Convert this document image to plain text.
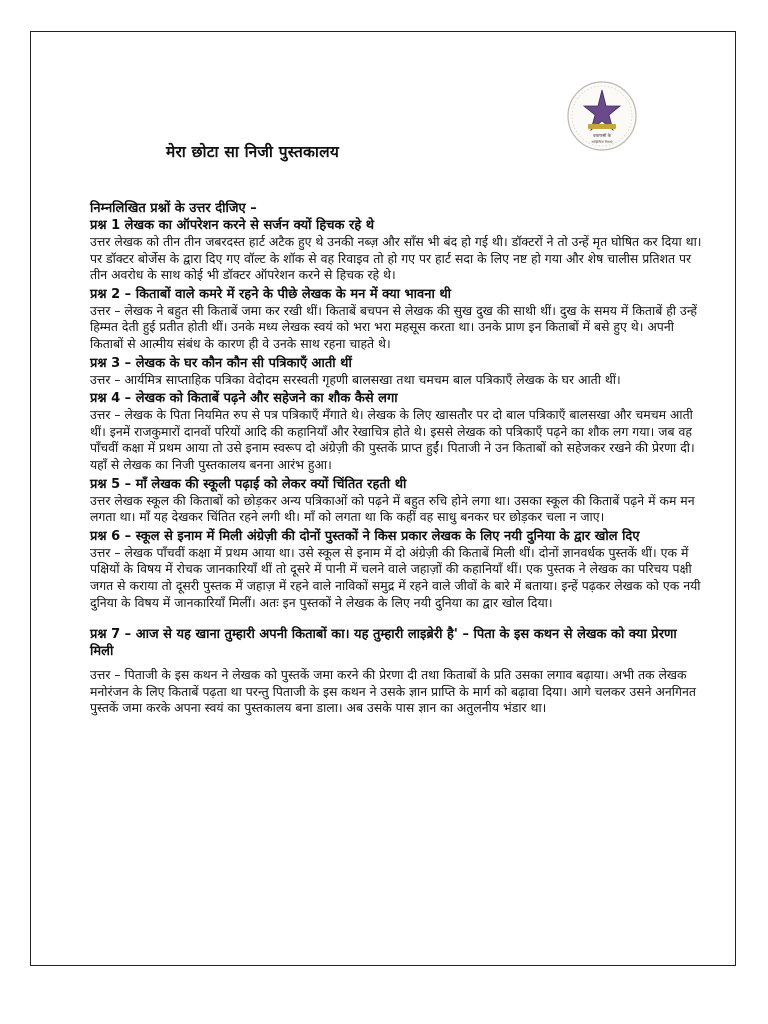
वाराणसी के
साहित्यिक विधाएं
मेरा छोटा सा निजी पुस्तकालय

निम्नलिखित प्रश्नों के उत्तर दीजिए –

प्रश्न 1 लेखक का ऑपरेशन करने से सर्जन क्यों हिचक रहे थे

उत्तर लेखक को तीन तीन जबरदस्त हार्ट अटैक हुए थे उनकी नब्ज़ और साँस भी बंद हो गई थी। डॉक्टरों ने तो उन्हें मृत घोषित कर दिया था। पर डॉक्टर बोर्जेस के द्वारा दिए गए वॉल्ट के शॉक से वह रिवाइव तो हो गए पर हार्ट सदा के लिए नष्ट हो गया और शेष चालीस प्रतिशत पर तीन अवरोध के साथ कोई भी डॉक्टर ऑपरेशन करने से हिचक रहे थे।

प्रश्न 2 – किताबों वाले कमरे में रहने के पीछे लेखक के मन में क्या भावना थी

उत्तर – लेखक ने बहुत सी किताबें जमा कर रखी थीं। किताबें बचपन से लेखक की सुख दुख की साथी थीं। दुख के समय में किताबें ही उन्हें हिम्मत देती हुई प्रतीत होती थीं। उनके मध्य लेखक स्वयं को भरा भरा महसूस करता था। उनके प्राण इन किताबों में बसे हुए थे। अपनी किताबों से आत्मीय संबंध के कारण ही वे उनके साथ रहना चाहते थे।

प्रश्न 3 – लेखक के घर कौन कौन सी पत्रिकाएँ आती थीं

उत्तर – आर्यमित्र साप्ताहिक पत्रिका वेदोदम सरस्वती गृहणी बालसखा तथा चमचम बाल पत्रिकाएँ लेखक के घर आती थीं।

प्रश्न 4 – लेखक को किताबें पढ़ने और सहेजने का शौक कैसे लगा

उत्तर – लेखक के पिता नियमित रुप से पत्र पत्रिकाएँ मँगाते थे। लेखक के लिए खासतौर पर दो बाल पत्रिकाएँ बालसखा और चमचम आती थीं। इनमें राजकुमारों दानवों परियों आदि की कहानियाँ और रेखाचित्र होते थे। इससे लेखक को पत्रिकाएँ पढ़ने का शौक लग गया। जब वह पाँचवीं कक्षा में प्रथम आया तो उसे इनाम स्वरूप दो अंग्रेज़ी की पुस्तकें प्राप्त हुईं। पिताजी ने उन किताबों को सहेजकर रखने की प्रेरणा दी। यहाँ से लेखक का निजी पुस्तकालय बनना आरंभ हुआ।

प्रश्न 5 – माँ लेखक की स्कूली पढ़ाई को लेकर क्यों चिंतित रहती थी

उत्तर लेखक स्कूल की किताबों को छोड़कर अन्य पत्रिकाओं को पढ़ने में बहुत रुचि होने लगा था। उसका स्कूल की किताबें पढ़ने में कम मन लगता था। माँ यह देखकर चिंतित रहने लगी थी। माँ को लगता था कि कहीं वह साधु बनकर घर छोड़कर चला न जाए।

प्रश्न 6 – स्कूल से इनाम में मिली अंग्रेज़ी की दोनों पुस्तकों ने किस प्रकार लेखक के लिए नयी दुनिया के द्वार खोल दिए

उत्तर – लेखक पाँचवीं कक्षा में प्रथम आया था। उसे स्कूल से इनाम में दो अंग्रेज़ी की किताबें मिली थीं। दोनों ज्ञानवर्धक पुस्तकें थीं। एक में पक्षियों के विषय में रोचक जानकारियाँ थीं तो दूसरे में पानी में चलने वाले जहाज़ों की कहानियाँ थीं। एक पुस्तक ने लेखक का परिचय पक्षी जगत से कराया तो दूसरी पुस्तक में जहाज़ में रहने वाले नाविकों समुद्र में रहने वाले जीवों के बारे में बताया। इन्हें पढ़कर लेखक को एक नयी दुनिया के विषय में जानकारियाँ मिलीं। अतः इन पुस्तकों ने लेखक के लिए नयी दुनिया का द्वार खोल दिया।

प्रश्न 7 – आज से यह खाना तुम्हारी अपनी किताबों का। यह तुम्हारी लाइब्रेरी है' – पिता के इस कथन से लेखक को क्या प्रेरणा मिली

उत्तर – पिताजी के इस कथन ने लेखक को पुस्तकें जमा करने की प्रेरणा दी तथा किताबों के प्रति उसका लगाव बढ़ाया। अभी तक लेखक मनोरंजन के लिए किताबें पढ़ता था परन्तु पिताजी के इस कथन ने उसके ज्ञान प्राप्ति के मार्ग को बढ़ावा दिया। आगे चलकर उसने अनगिनत पुस्तकें जमा करके अपना स्वयं का पुस्तकालय बना डाला। अब उसके पास ज्ञान का अतुलनीय भंडार था।
